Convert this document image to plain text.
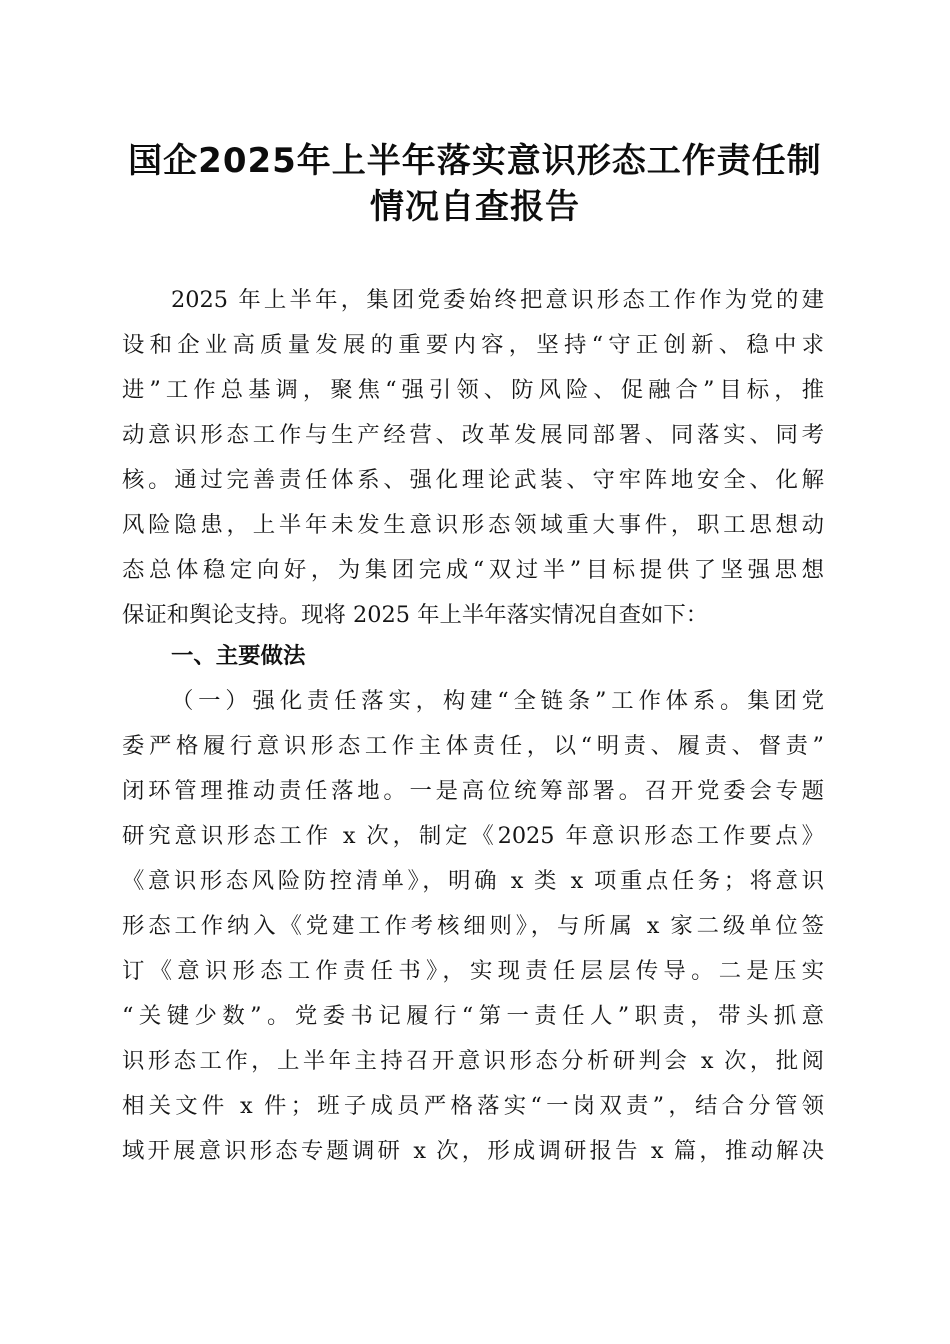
国企2025年上半年落实意识形态工作责任制
情况自查报告
2025 年上半年，集团党委始终把意识形态工作作为党的建
设和企业高质量发展的重要内容，坚持“守正创新、稳中求
进”工作总基调，聚焦“强引领、防风险、促融合”目标，推
动意识形态工作与生产经营、改革发展同部署、同落实、同考
核。通过完善责任体系、强化理论武装、守牢阵地安全、化解
风险隐患，上半年未发生意识形态领域重大事件，职工思想动
态总体稳定向好，为集团完成“双过半”目标提供了坚强思想
保证和舆论支持。现将 2025 年上半年落实情况自查如下：
一、主要做法
（一）强化责任落实，构建“全链条”工作体系。集团党
委严格履行意识形态工作主体责任，以“明责、履责、督责”
闭环管理推动责任落地。一是高位统筹部署。召开党委会专题
研究意识形态工作 x 次，制定《2025 年意识形态工作要点》
《意识形态风险防控清单》，明确 x 类 x 项重点任务；将意识
形态工作纳入《党建工作考核细则》，与所属 x 家二级单位签
订《意识形态工作责任书》，实现责任层层传导。二是压实
“关键少数”。党委书记履行“第一责任人”职责，带头抓意
识形态工作，上半年主持召开意识形态分析研判会 x 次，批阅
相关文件 x 件；班子成员严格落实“一岗双责”，结合分管领
域开展意识形态专题调研 x 次，形成调研报告 x 篇，推动解决
